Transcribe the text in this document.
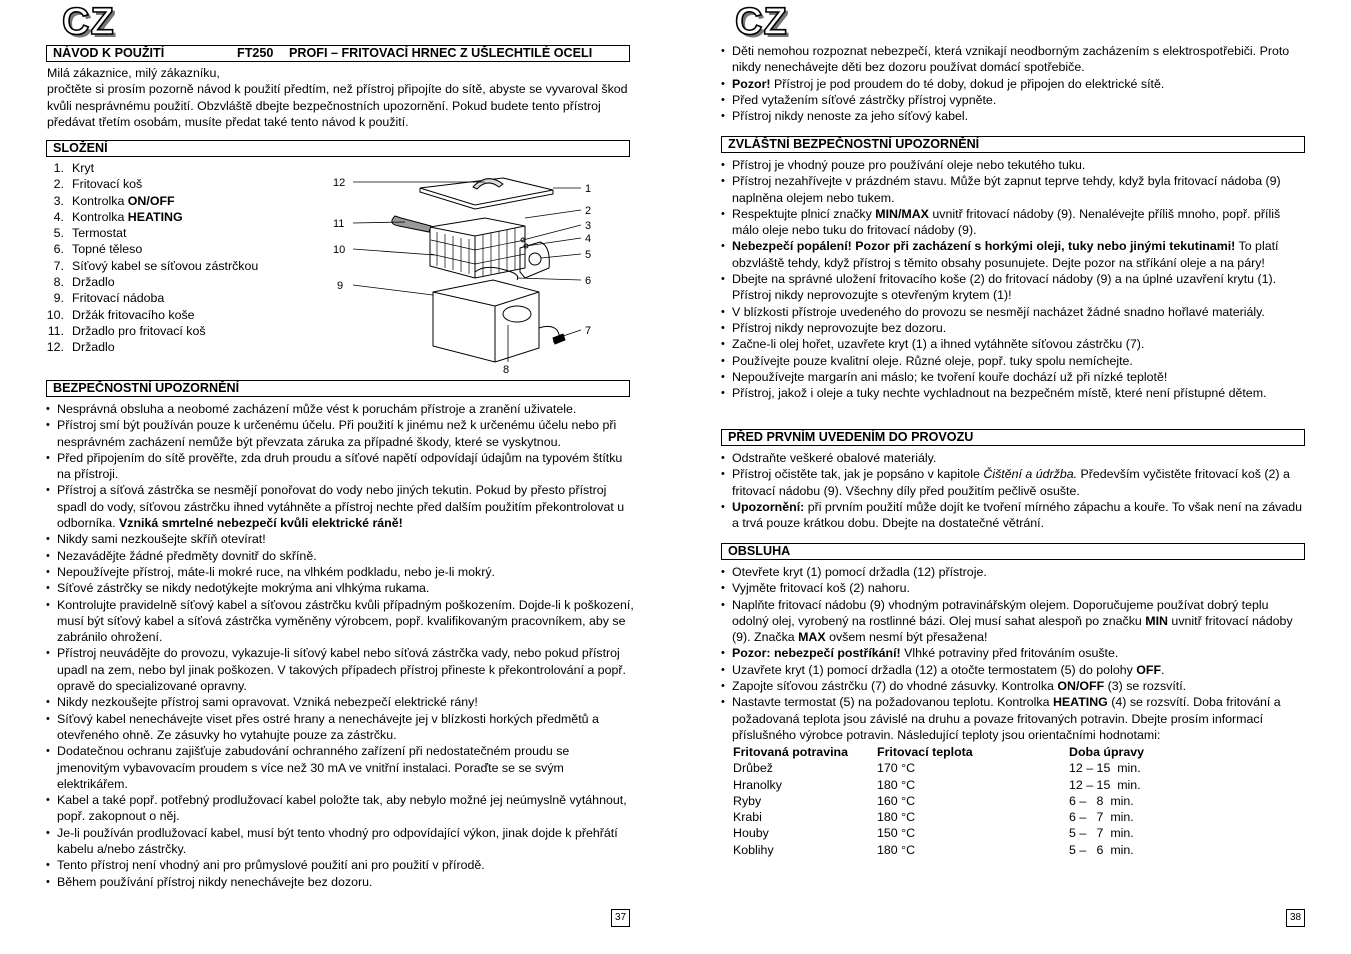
CZ
NÁVOD K POUŽITÍ	FT250 PROFI – FRITOVACÍ HRNEC Z UŠLECHTILÉ OCELI

Milá zákaznice, milý zákazníku,

pročtěte si prosím pozorně návod k použití předtím, než přístroj připojíte do sítě, abyste se vyvaroval škod kvůli nesprávnému použití. Obzvláště dbejte bezpečnostních upozornění. Pokud budete tento přístroj předávat třetím osobám, musíte předat také tento návod k použití.

SLOŽENÍ
1. Kryt
2. Fritovací koš
3. Kontrolka ON/OFF
4. Kontrolka HEATING
5. Termostat
6. Topné těleso
7. Síťový kabel se síťovou zástrčkou
8. Držadlo
9. Fritovací nádoba
10. Držák fritovacího koše
11. Držadlo pro fritovací koš
12. Držadlo
1
2
3
4
5
6
7
8
9
10
11
12
BEZPEČNOSTNÍ UPOZORNĚNÍ
• Nesprávná obsluha a neobomé zacházení může vést k poruchám přístroje a zranění uživatele.
• Přístroj smí být používán pouze k určenému účelu. Při použití k jinému než k určenému účelu nebo při nesprávném zacházení nemůže být převzata záruka za případné škody, které se vyskytnou.
• Před připojením do sítě prověřte, zda druh proudu a síťové napětí odpovídají údajům na typovém štítku na přístroji.
• Přístroj a síťová zástrčka se nesmějí ponořovat do vody nebo jiných tekutin. Pokud by přesto přístroj spadl do vody, síťovou zástrčku ihned vytáhněte a přístroj nechte před dalším použitím překontrolovat u odborníka. Vzniká smrtelné nebezpečí kvůli elektrické ráně!
• Nikdy sami nezkoušejte skříň otevírat!
• Nezavádějte žádné předměty dovnitř do skříně.
• Nepoužívejte přístroj, máte-li mokré ruce, na vlhkém podkladu, nebo je-li mokrý.
• Síťové zástrčky se nikdy nedotýkejte mokrýma ani vlhkýma rukama.
• Kontrolujte pravidelně síťový kabel a síťovou zástrčku kvůli případným poškozením. Dojde-li k poškození, musí být síťový kabel a síťová zástrčka vyměněny výrobcem, popř. kvalifikovaným pracovníkem, aby se zabránilo ohrožení.
• Přístroj neuvádějte do provozu, vykazuje-li síťový kabel nebo síťová zástrčka vady, nebo pokud přístroj upadl na zem, nebo byl jinak poškozen. V takových případech přístroj přineste k překontrolování a popř. opravě do specializované opravny.
• Nikdy nezkoušejte přístroj sami opravovat. Vzniká nebezpečí elektrické rány!
• Síťový kabel nenechávejte viset přes ostré hrany a nenechávejte jej v blízkosti horkých předmětů a otevřeného ohně. Ze zásuvky ho vytahujte pouze za zástrčku.
• Dodatečnou ochranu zajišťuje zabudování ochranného zařízení při nedostatečném proudu se jmenovitým vybavovacím proudem s více než 30 mA ve vnitřní instalaci. Poraďte se se svým elektrikářem.
• Kabel a také popř. potřebný prodlužovací kabel položte tak, aby nebylo možné jej neúmyslně vytáhnout, popř. zakopnout o něj.
• Je-li používán prodlužovací kabel, musí být tento vhodný pro odpovídající výkon, jinak dojde k přehřátí kabelu a/nebo zástrčky.
• Tento přístroj není vhodný ani pro průmyslové použití ani pro použití v přírodě.
• Během používání přístroj nikdy nenechávejte bez dozoru.
37
CZ
• Děti nemohou rozpoznat nebezpečí, která vznikají neodborným zacházením s elektrospotřebiči. Proto nikdy nenechávejte děti bez dozoru používat domácí spotřebiče.
• Pozor! Přístroj je pod proudem do té doby, dokud je připojen do elektrické sítě.
• Před vytažením síťové zástrčky přístroj vypněte.
• Přístroj nikdy nenoste za jeho síťový kabel.
ZVLÁŠTNÍ BEZPEČNOSTNÍ UPOZORNĚNÍ
• Přístroj je vhodný pouze pro používání oleje nebo tekutého tuku.
• Přístroj nezahřívejte v prázdném stavu. Může být zapnut teprve tehdy, když byla fritovací nádoba (9) naplněna olejem nebo tukem.
• Respektujte plnicí značky MIN/MAX uvnitř fritovací nádoby (9). Nenalévejte příliš mnoho, popř. příliš málo oleje nebo tuku do fritovací nádoby (9).
• Nebezpečí popálení! Pozor při zacházení s horkými oleji, tuky nebo jinými tekutinami! To platí obzvláště tehdy, když přístroj s těmito obsahy posunujete. Dejte pozor na stříkání oleje a na páry!
• Dbejte na správné uložení fritovacího koše (2) do fritovací nádoby (9) a na úplné uzavření krytu (1). Přístroj nikdy neprovozujte s otevřeným krytem (1)!
• V blízkosti přístroje uvedeného do provozu se nesmějí nacházet žádné snadno hořlavé materiály.
• Přístroj nikdy neprovozujte bez dozoru.
• Začne-li olej hořet, uzavřete kryt (1) a ihned vytáhněte síťovou zástrčku (7).
• Používejte pouze kvalitní oleje. Různé oleje, popř. tuky spolu nemíchejte.
• Nepoužívejte margarín ani máslo; ke tvoření kouře dochází už při nízké teplotě!
• Přístroj, jakož i oleje a tuky nechte vychladnout na bezpečném místě, které není přístupné dětem.
PŘED PRVNÍM UVEDENÍM DO PROVOZU
• Odstraňte veškeré obalové materiály.
• Přístroj očistěte tak, jak je popsáno v kapitole Čištění a údržba. Především vyčistěte fritovací koš (2) a fritovací nádobu (9). Všechny díly před použitím pečlivě osušte.
• Upozornění: při prvním použití může dojít ke tvoření mírného zápachu a kouře. To však není na závadu a trvá pouze krátkou dobu. Dbejte na dostatečné větrání.
OBSLUHA
• Otevřete kryt (1) pomocí držadla (12) přístroje.
• Vyjměte fritovací koš (2) nahoru.
• Naplňte fritovací nádobu (9) vhodným potravinářským olejem. Doporučujeme používat dobrý teplu odolný olej, vyrobený na rostlinné bázi. Olej musí sahat alespoň po značku MIN uvnitř fritovací nádoby (9). Značka MAX ovšem nesmí být přesažena!
• Pozor: nebezpečí postříkání! Vlhké potraviny před fritováním osušte.
• Uzavřete kryt (1) pomocí držadla (12) a otočte termostatem (5) do polohy OFF.
• Zapojte síťovou zástrčku (7) do vhodné zásuvky. Kontrolka ON/OFF (3) se rozsvítí.
• Nastavte termostat (5) na požadovanou teplotu. Kontrolka HEATING (4) se rozsvítí. Doba fritování a požadovaná teplota jsou závislé na druhu a povaze fritovaných potravin. Dbejte prosím informací příslušného výrobce potravin. Následující teploty jsou orientačními hodnotami:
Fritovaná potravina	Fritovací teplota	Doba úpravy
Drůbež	170 °C	12 – 15  min.
Hranolky	180 °C	12 – 15  min.
Ryby	160 °C	6 –   8  min.
Krabi	180 °C	6 –   7  min.
Houby	150 °C	5 –   7  min.
Koblihy	180 °C	5 –   6  min.
38
